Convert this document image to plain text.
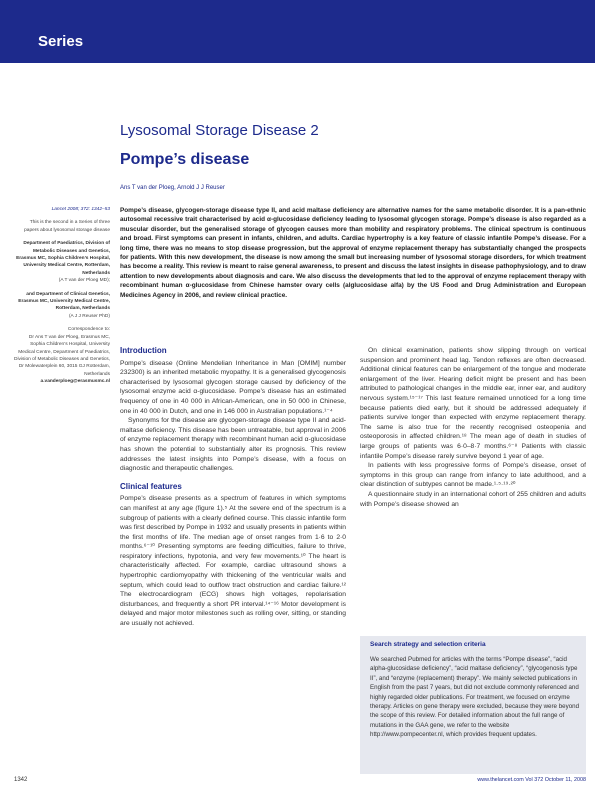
Series
Lysosomal Storage Disease 2
Pompe’s disease
Ans T van der Ploeg, Arnold J J Reuser

Lancet 2008; 372: 1342–53

This is the second in a Series of three papers about lysosomal storage disease

Department of Paediatrics, Division of Metabolic Diseases and Genetics, Erasmus MC, Sophia Children’s Hospital, University Medical Centre, Rotterdam, Netherlands
(A T van der Ploeg MD);

and Department of Clinical Genetics, Erasmus MC, University Medical Centre, Rotterdam, Netherlands
(A J J Reuser PhD)

Correspondence to:
Dr Ans T van der Ploeg, Erasmus MC, Sophia Children’s Hospital, University Medical Centre, Department of Paediatrics, Division of Metabolic Diseases and Genetics, Dr Molewaterplein 60, 3015 GJ Rotterdam, Netherlands
a.vanderploeg@erasmusmc.nl

Pompe’s disease, glycogen-storage disease type II, and acid maltase deficiency are alternative names for the same metabolic disorder. It is a pan-ethnic autosomal recessive trait characterised by acid α-glucosidase deficiency leading to lysosomal glycogen storage. Pompe’s disease is also regarded as a muscular disorder, but the generalised storage of glycogen causes more than mobility and respiratory problems. The clinical spectrum is continuous and broad. First symptoms can present in infants, children, and adults. Cardiac hypertrophy is a key feature of classic infantile Pompe’s disease. For a long time, there was no means to stop disease progression, but the approval of enzyme replacement therapy has substantially changed the prospects for patients. With this new development, the disease is now among the small but increasing number of lysosomal storage disorders, for which treatment has become a reality. This review is meant to raise general awareness, to present and discuss the latest insights in disease pathophysiology, and to draw attention to new developments about diagnosis and care. We also discuss the developments that led to the approval of enzyme replacement therapy with recombinant human α-glucosidase from Chinese hamster ovary cells (alglucosidase alfa) by the US Food and Drug Administration and European Medicines Agency in 2006, and review clinical practice.
Introduction

Pompe’s disease (Online Mendelian Inheritance in Man [OMIM] number 232300) is an inherited metabolic myopathy. It is a generalised glycogenosis characterised by lysosomal glycogen storage caused by deficiency of the lysosomal enzyme acid α-glucosidase. Pompe’s disease has an estimated frequency of one in 40 000 in African-American, one in 50 000 in Chinese, one in 40 000 in Dutch, and one in 146 000 in Australian populations.¹⁻⁴

Synonyms for the disease are glycogen-storage disease type II and acid-maltase deficiency. This disease has been untreatable, but approval in 2006 of enzyme replacement therapy with recombinant human acid α-glucosidase has shown the potential to substantially alter its prognosis. This review addresses the latest insights into Pompe’s disease, with a focus on diagnostic and therapeutic challenges.

Clinical features

Pompe’s disease presents as a spectrum of features in which symptoms can manifest at any age (figure 1).⁵ At the severe end of the spectrum is a subgroup of patients with a clearly defined course. This classic infantile form was first described by Pompe in 1932 and usually presents in patients within the first months of life. The median age of onset ranges from 1·6 to 2·0 months.⁶⁻¹⁰ Presenting symptoms are feeding difficulties, failure to thrive, respiratory infections, hypotonia, and very few movements.¹⁰ The heart is characteristically affected. For example, cardiac ultrasound shows a hypertrophic cardiomyopathy with thickening of the ventricular walls and septum, which could lead to outflow tract obstruction and cardiac failure.¹² The electrocardiogram (ECG) shows high voltages, repolarisation disturbances, and frequently a short PR interval.¹⁴⁻¹⁶ Motor development is delayed and major motor milestones such as rolling over, sitting, or standing are usually not achieved.

On clinical examination, patients show slipping through on vertical suspension and prominent head lag. Tendon reflexes are often decreased. Additional clinical features can be enlargement of the tongue and moderate enlargement of the liver. Hearing deficit might be present and has been attributed to pathological changes in the middle ear, inner ear, and auditory nervous system.¹⁵⁻¹⁷ This last feature remained unnoticed for a long time because patients died early, but it should be addressed adequately if patients survive longer than expected with enzyme replacement therapy. The same is also true for the recently recognised osteopenia and osteoporosis in affected children.¹⁸ The mean age of death in studies of large groups of patients was 6·0–8·7 months.⁶⁻⁸ Patients with classic infantile Pompe’s disease rarely survive beyond 1 year of age.

In patients with less progressive forms of Pompe’s disease, onset of symptoms in this group can range from infancy to late adulthood, and a clear distinction of subtypes cannot be made.¹·⁵·¹⁹·²⁰

A questionnaire study in an international cohort of 255 children and adults with Pompe’s disease showed an

Search strategy and selection criteria
We searched Pubmed for articles with the terms “Pompe disease”, “acid alpha-glucosidase deficiency”, “acid maltase deficiency”, “glycogenosis type II”, and “enzyme (replacement) therapy”. We mainly selected publications in English from the past 7 years, but did not exclude commonly referenced and highly regarded older publications. For treatment, we focused on enzyme therapy. Articles on gene therapy were excluded, because they were beyond the scope of this review. For detailed information about the full range of mutations in the GAA gene, we refer to the website http://www.pompecenter.nl, which provides frequent updates.
1342	www.thelancet.com Vol 372 October 11, 2008
